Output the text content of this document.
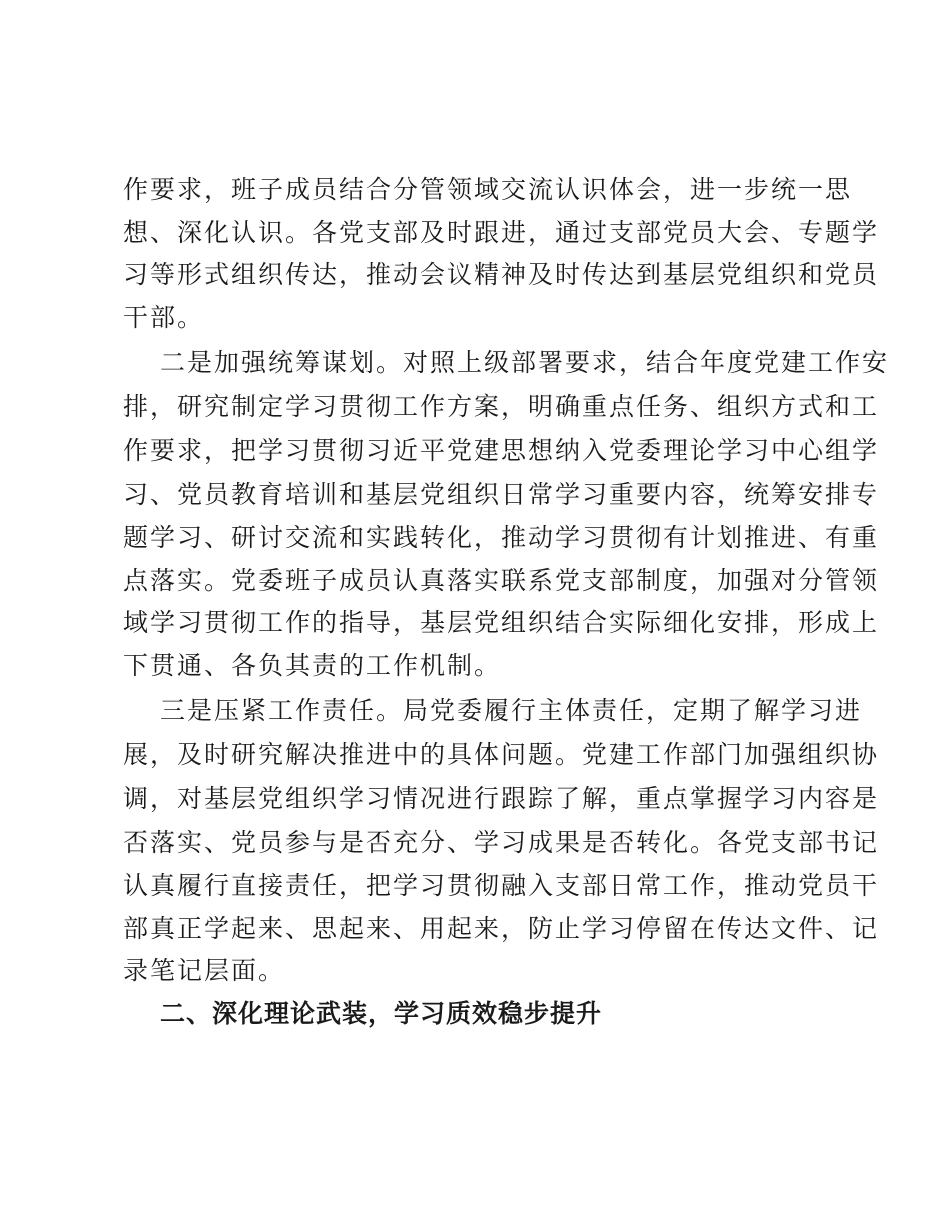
作要求，班子成员结合分管领域交流认识体会，进一步统一思
想、深化认识。各党支部及时跟进，通过支部党员大会、专题学
习等形式组织传达，推动会议精神及时传达到基层党组织和党员
干部。
二是加强统筹谋划。对照上级部署要求，结合年度党建工作安
排，研究制定学习贯彻工作方案，明确重点任务、组织方式和工
作要求，把学习贯彻习近平党建思想纳入党委理论学习中心组学
习、党员教育培训和基层党组织日常学习重要内容，统筹安排专
题学习、研讨交流和实践转化，推动学习贯彻有计划推进、有重
点落实。党委班子成员认真落实联系党支部制度，加强对分管领
域学习贯彻工作的指导，基层党组织结合实际细化安排，形成上
下贯通、各负其责的工作机制。
三是压紧工作责任。局党委履行主体责任，定期了解学习进
展，及时研究解决推进中的具体问题。党建工作部门加强组织协
调，对基层党组织学习情况进行跟踪了解，重点掌握学习内容是
否落实、党员参与是否充分、学习成果是否转化。各党支部书记
认真履行直接责任，把学习贯彻融入支部日常工作，推动党员干
部真正学起来、思起来、用起来，防止学习停留在传达文件、记
录笔记层面。
二、深化理论武装，学习质效稳步提升
